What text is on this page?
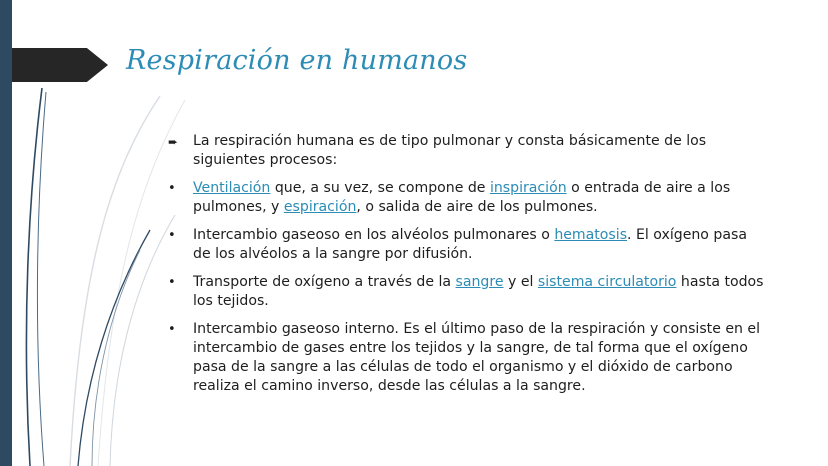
Respiración en humanos
➨	La respiración humana es de tipo pulmonar y consta básicamente de los siguientes procesos:
•	Ventilación que, a su vez, se compone de inspiración o entrada de aire a los pulmones, y espiración, o salida de aire de los pulmones.
•	Intercambio gaseoso en los alvéolos pulmonares o hematosis. El oxígeno pasa de los alvéolos a la sangre por difusión.
•	Transporte de oxígeno a través de la sangre y el sistema circulatorio hasta todos los tejidos.
•	Intercambio gaseoso interno. Es el último paso de la respiración y consiste en el intercambio de gases entre los tejidos y la sangre, de tal forma que el oxígeno pasa de la sangre a las células de todo el organismo y el dióxido de carbono realiza el camino inverso, desde las células a la sangre.
